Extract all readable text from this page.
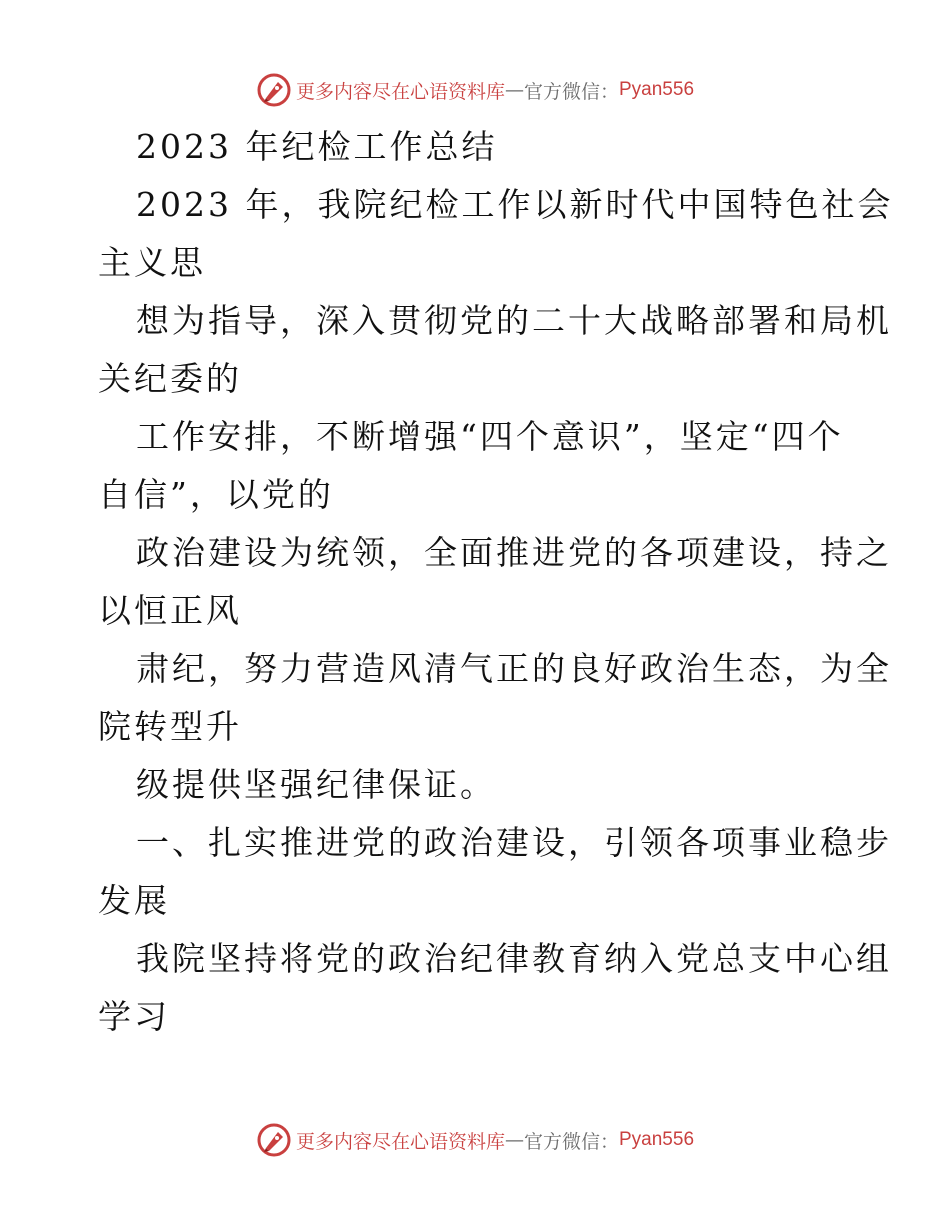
更多内容尽在心语资料库 — 官方微信： Pyan556
2023 年纪检工作总结
2023 年，我院纪检工作以新时代中国特色社会
主义思
想为指导，深入贯彻党的二十大战略部署和局机
关纪委的
工作安排，不断增强“四个意识”，坚定“四个
自信”，以党的
政治建设为统领，全面推进党的各项建设，持之
以恒正风
肃纪，努力营造风清气正的良好政治生态，为全
院转型升
级提供坚强纪律保证。
一、扎实推进党的政治建设，引领各项事业稳步
发展
我院坚持将党的政治纪律教育纳入党总支中心组
学习
更多内容尽在心语资料库 — 官方微信： Pyan556
